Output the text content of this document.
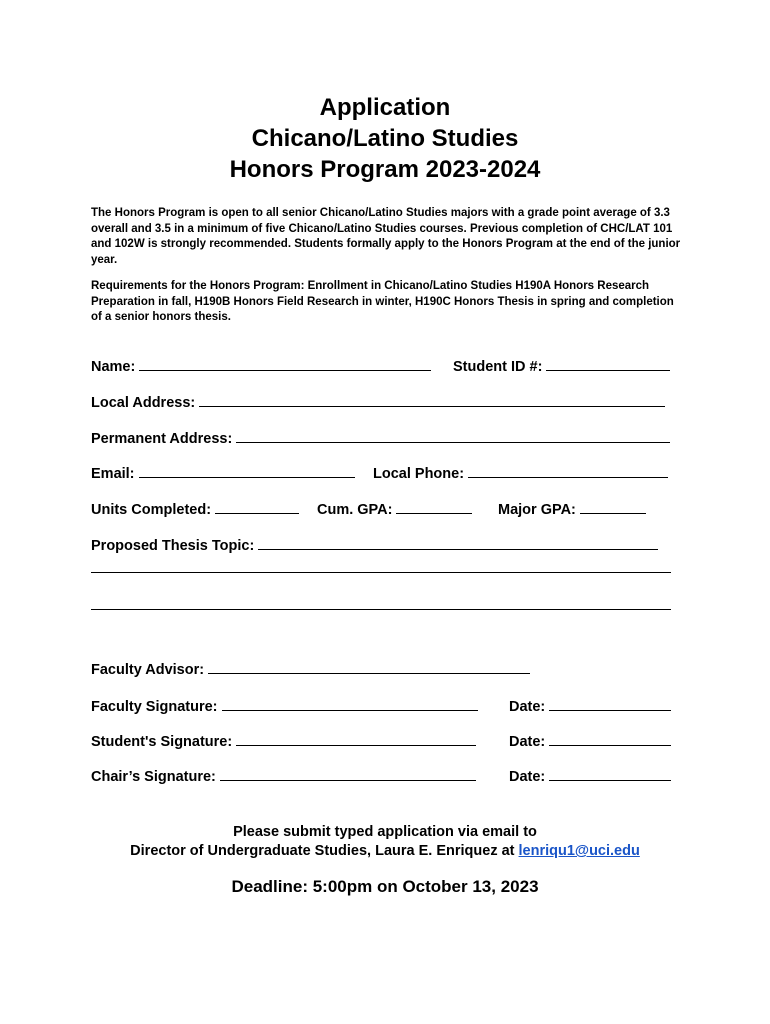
Application
Chicano/Latino Studies
Honors Program 2023-2024
The Honors Program is open to all senior Chicano/Latino Studies majors with a grade point average of 3.3 overall and 3.5 in a minimum of five Chicano/Latino Studies courses. Previous completion of CHC/LAT 101 and 102W is strongly recommended. Students formally apply to the Honors Program at the end of the junior year.
Requirements for the Honors Program: Enrollment in Chicano/Latino Studies H190A Honors Research Preparation in fall, H190B Honors Field Research in winter, H190C Honors Thesis in spring and completion of a senior honors thesis.
Name:	Student ID #:
Local Address:
Permanent Address:
Email:	Local Phone:
Units Completed:	Cum. GPA:	Major GPA:
Proposed Thesis Topic:
Faculty Advisor:
Faculty Signature:	Date:
Student's Signature:	Date:
Chair’s Signature:	Date:
Please submit typed application via email to
Director of Undergraduate Studies, Laura E. Enriquez at lenriqu1@uci.edu
Deadline: 5:00pm on October 13, 2023
